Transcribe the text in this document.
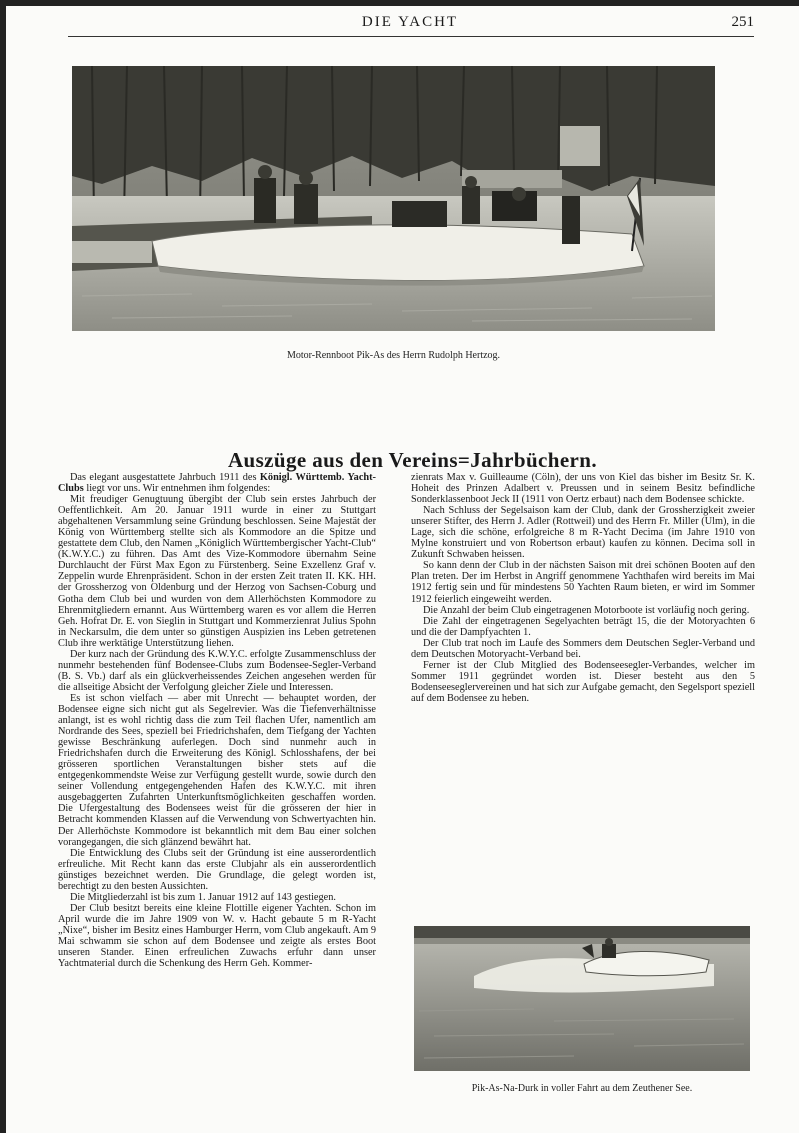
DIE YACHT	251
Motor-Rennboot Pik-As des Herrn Rudolph Hertzog.
Auszüge aus den Vereins=Jahrbüchern.

Das elegant ausgestattete Jahrbuch 1911 des Königl. Württemb. Yacht-Clubs liegt vor uns. Wir entnehmen ihm folgendes:

Mit freudiger Genugtuung übergibt der Club sein erstes Jahrbuch der Oeffentlichkeit. Am 20. Januar 1911 wurde in einer zu Stuttgart abgehaltenen Versammlung seine Gründung beschlossen. Seine Majestät der König von Württemberg stellte sich als Kommodore an die Spitze und gestattete dem Club, den Namen „Königlich Württembergischer Yacht-Club“ (K.W.Y.C.) zu führen. Das Amt des Vize-Kommodore übernahm Seine Durchlaucht der Fürst Max Egon zu Fürstenberg. Seine Exzellenz Graf v. Zeppelin wurde Ehrenpräsident. Schon in der ersten Zeit traten II. KK. HH. der Grossherzog von Oldenburg und der Herzog von Sachsen-Coburg und Gotha dem Club bei und wurden von dem Allerhöchsten Kommodore zu Ehrenmitgliedern ernannt. Aus Württemberg waren es vor allem die Herren Geh. Hofrat Dr. E. von Sieglin in Stuttgart und Kommerzienrat Julius Spohn in Neckarsulm, die dem unter so günstigen Auspizien ins Leben getretenen Club ihre werktätige Unterstützung liehen.

Der kurz nach der Gründung des K.W.Y.C. erfolgte Zusammenschluss der nunmehr bestehenden fünf Bodensee-Clubs zum Bodensee-Segler-Verband (B. S. Vb.) darf als ein glückverheissendes Zeichen angesehen werden für die allseitige Absicht der Verfolgung gleicher Ziele und Interessen.

Es ist schon vielfach — aber mit Unrecht — behauptet worden, der Bodensee eigne sich nicht gut als Segelrevier. Was die Tiefenverhältnisse anlangt, ist es wohl richtig dass die zum Teil flachen Ufer, namentlich am Nordrande des Sees, speziell bei Friedrichshafen, dem Tiefgang der Yachten gewisse Beschränkung auferlegen. Doch sind nunmehr auch in Friedrichshafen durch die Erweiterung des Königl. Schlosshafens, der bei grösseren sportlichen Veranstaltungen bisher stets auf die entgegenkommendste Weise zur Verfügung gestellt wurde, sowie durch den seiner Vollendung entgegengehenden Hafen des K.W.Y.C. mit ihren ausgebaggerten Zufahrten Unterkunftsmöglichkeiten geschaffen worden. Die Ufergestaltung des Bodensees weist für die grösseren der hier in Betracht kommenden Klassen auf die Verwendung von Schwertyachten hin. Der Allerhöchste Kommodore ist bekanntlich mit dem Bau einer solchen vorangegangen, die sich glänzend bewährt hat.

Die Entwicklung des Clubs seit der Gründung ist eine ausserordentlich erfreuliche. Mit Recht kann das erste Clubjahr als ein ausserordentlich günstiges bezeichnet werden. Die Grundlage, die gelegt worden ist, berechtigt zu den besten Aussichten.

Die Mitgliederzahl ist bis zum 1. Januar 1912 auf 143 gestiegen.

Der Club besitzt bereits eine kleine Flottille eigener Yachten. Schon im April wurde die im Jahre 1909 von W. v. Hacht gebaute 5 m R-Yacht „Nixe“, bisher im Besitz eines Hamburger Herrn, vom Club angekauft. Am 9 Mai schwamm sie schon auf dem Bodensee und zeigte als erstes Boot unseren Stander. Einen erfreulichen Zuwachs erfuhr dann unser Yachtmaterial durch die Schenkung des Herrn Geh. Kommer-

zienrats Max v. Guilleaume (Cöln), der uns von Kiel das bisher im Besitz Sr. K. Hoheit des Prinzen Adalbert v. Preussen und in seinem Besitz befindliche Sonderklassenboot Jeck II (1911 von Oertz erbaut) nach dem Bodensee schickte.

Nach Schluss der Segelsaison kam der Club, dank der Grossherzigkeit zweier unserer Stifter, des Herrn J. Adler (Rottweil) und des Herrn Fr. Miller (Ulm), in die Lage, sich die schöne, erfolgreiche 8 m R-Yacht Decima (im Jahre 1910 von Mylne konstruiert und von Robertson erbaut) kaufen zu können. Decima soll in Zukunft Schwaben heissen.

So kann denn der Club in der nächsten Saison mit drei schönen Booten auf den Plan treten. Der im Herbst in Angriff genommene Yachthafen wird bereits im Mai 1912 fertig sein und für mindestens 50 Yachten Raum bieten, er wird im Sommer 1912 feierlich eingeweiht werden.

Die Anzahl der beim Club eingetragenen Motorboote ist vorläufig noch gering.

Die Zahl der eingetragenen Segelyachten beträgt 15, die der Motoryachten 6 und die der Dampfyachten 1.

Der Club trat noch im Laufe des Sommers dem Deutschen Segler-Verband und dem Deutschen Motoryacht-Verband bei.

Ferner ist der Club Mitglied des Bodenseesegler-Verbandes, welcher im Sommer 1911 gegründet worden ist. Dieser besteht aus den 5 Bodenseeseglervereinen und hat sich zur Aufgabe gemacht, den Segelsport speziell auf dem Bodensee zu heben.

Pik-As-Na-Durk in voller Fahrt au dem Zeuthener See.
